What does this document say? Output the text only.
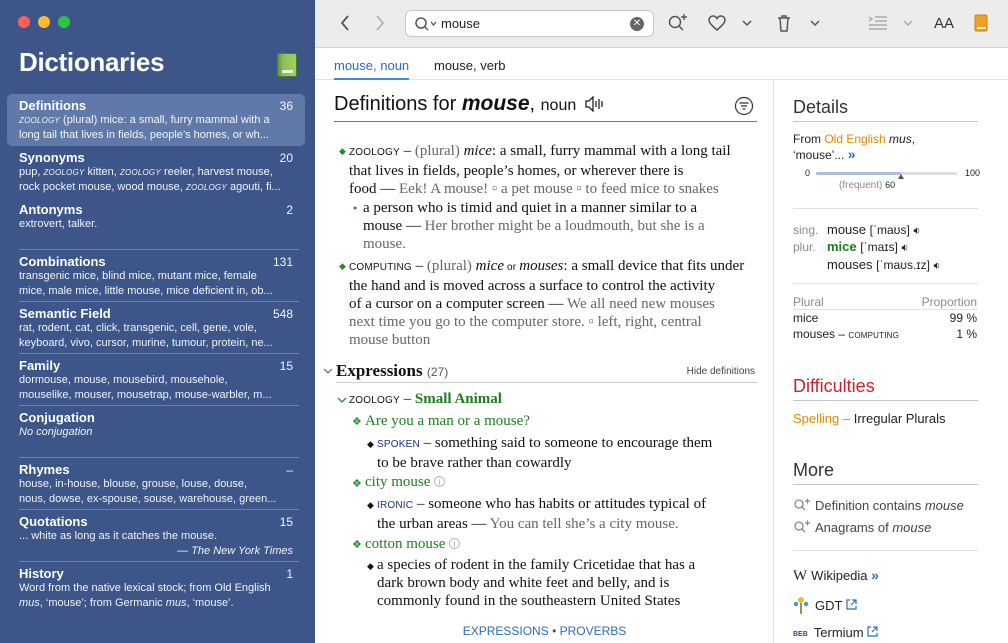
Dictionaries
Definitions	36
ZOOLOGY (plural) mice: a small, furry mammal with a
long tail that lives in fields, people’s homes, or wh...
Synonyms	20
pup, ZOOLOGY kitten, ZOOLOGY reeler, harvest mouse,
rock pocket mouse, wood mouse, ZOOLOGY agouti, fi...
Antonyms	2
extrovert, talker.
Combinations	131
transgenic mice, blind mice, mutant mice, female
mice, male mice, little mouse, mice deficient in, ob...
Semantic Field	548
rat, rodent, cat, click, transgenic, cell, gene, vole,
keyboard, vivo, cursor, murine, tumour, protein, ne...
Family	15
dormouse, mouse, mousebird, mousehole,
mouselike, mouser, mousetrap, mouse-warbler, m...
Conjugation
No conjugation
Rhymes	–
house, in-house, blouse, grouse, louse, douse,
nous, dowse, ex-spouse, souse, warehouse, green...
Quotations	15
... white as long as it catches the mouse.
— The New York Times
History	1
Word from the native lexical stock; from Old English
mus, ‘mouse’; from Germanic mus, ‘mouse’.
mouse
✕	AA
mouse, noun mouse, verb
Definitions for mouse, noun
◆ ZOOLOGY – (plural) mice: a small, furry mammal with a long tail
that lives in fields, people’s homes, or wherever there is
food — Eek! A mouse! ▫ a pet mouse ▫ to feed mice to snakes
● a person who is timid and quiet in a manner similar to a
mouse — Her brother might be a loudmouth, but she is a
mouse.
◆ COMPUTING – (plural) mice or mouses: a small device that fits under
the hand and is moved across a surface to control the activity
of a cursor on a computer screen — We all need new mouses
next time you go to the computer store. ▫ left, right, central
mouse button
Expressions (27)	Hide definitions
ZOOLOGY – Small Animal
❖ Are you a man or a mouse?
◆ SPOKEN – something said to someone to encourage them
to be brave rather than cowardly
❖ city mouse i
◆ IRONIC – someone who has habits or attitudes typical of
the urban areas — You can tell she’s a city mouse.
❖ cotton mouse i
◆ a species of rodent in the family Cricetidae that has a
dark brown body and white feet and belly, and is
commonly found in the southeastern United States
EXPRESSIONS • PROVERBS
Details
From Old English mus,
‘mouse’... »
0	100
(frequent) 60
sing. mouse [ˈmaʊs] 🔉︎
plur. mice [ˈmaɪs] 🔉︎
mouses [ˈmaʊs.ɪz] 🔉︎
Plural	Proportion
mice	99 %
mouses – COMPUTING	1 %
Difficulties
Spelling – Irregular Plurals
More
Definition contains mouse
Anagrams of mouse
W Wikipedia »
GDT
BEB Termium
